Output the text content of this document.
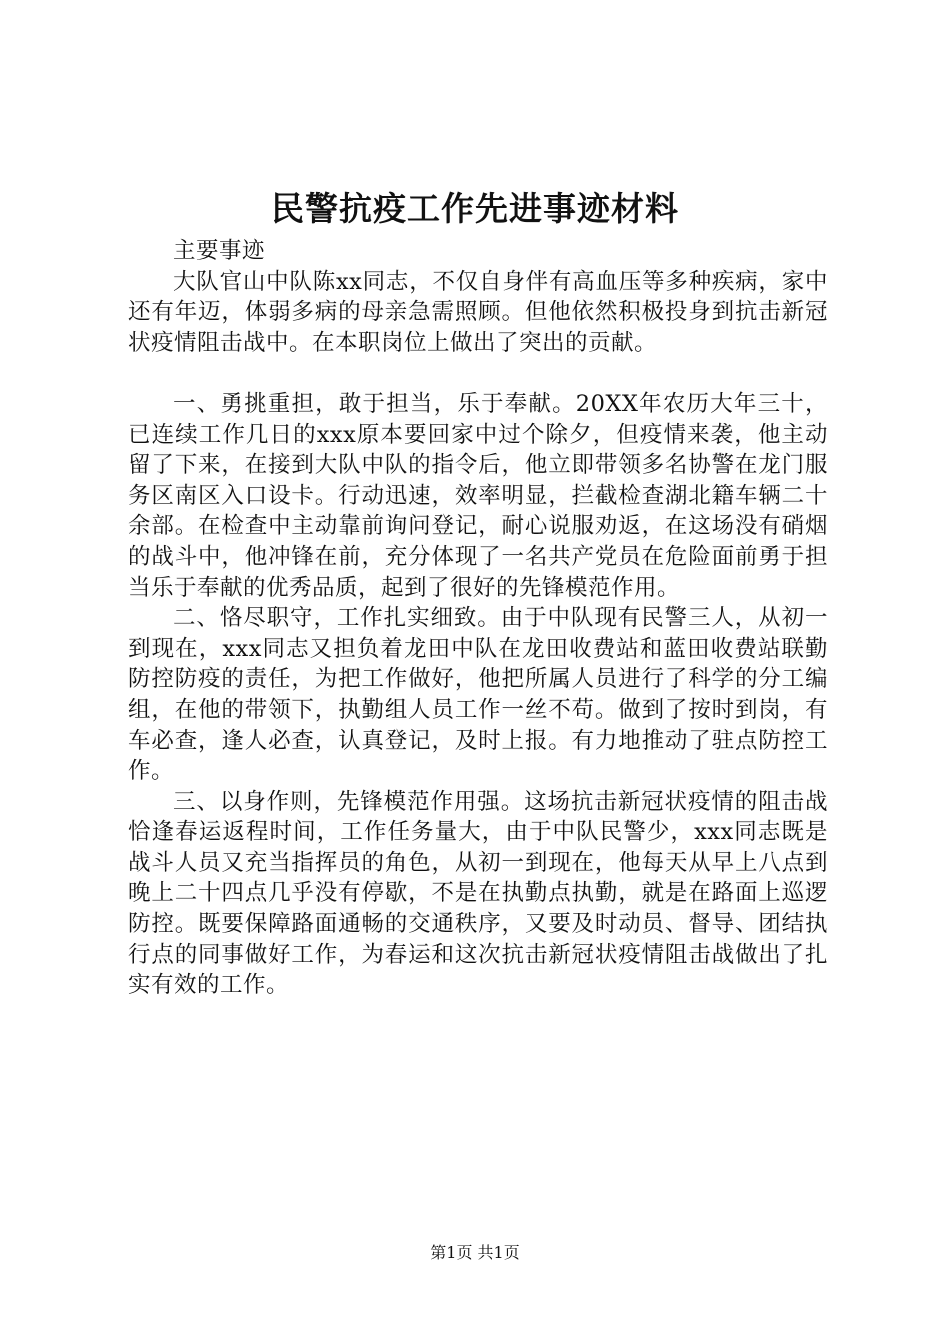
民警抗疫工作先进事迹材料

主要事迹

大队官山中队陈xx同志，不仅自身伴有高血压等多种疾病，家中还有年迈，体弱多病的母亲急需照顾。但他依然积极投身到抗击新冠状疫情阻击战中。在本职岗位上做出了突出的贡献。

一、勇挑重担，敢于担当，乐于奉献。20XX年农历大年三十，已连续工作几日的xxx原本要回家中过个除夕，但疫情来袭，他主动留了下来，在接到大队中队的指令后，他立即带领多名协警在龙门服务区南区入口设卡。行动迅速，效率明显，拦截检查湖北籍车辆二十余部。在检查中主动靠前询问登记，耐心说服劝返，在这场没有硝烟的战斗中，他冲锋在前，充分体现了一名共产党员在危险面前勇于担当乐于奉献的优秀品质，起到了很好的先锋模范作用。

二、恪尽职守，工作扎实细致。由于中队现有民警三人，从初一到现在，xxx同志又担负着龙田中队在龙田收费站和蓝田收费站联勤防控防疫的责任，为把工作做好，他把所属人员进行了科学的分工编组，在他的带领下，执勤组人员工作一丝不苟。做到了按时到岗，有车必查，逢人必查，认真登记，及时上报。有力地推动了驻点防控工作。

三、以身作则，先锋模范作用强。这场抗击新冠状疫情的阻击战恰逢春运返程时间，工作任务量大，由于中队民警少，xxx同志既是战斗人员又充当指挥员的角色，从初一到现在，他每天从早上八点到晚上二十四点几乎没有停歇，不是在执勤点执勤，就是在路面上巡逻防控。既要保障路面通畅的交通秩序，又要及时动员、督导、团结执行点的同事做好工作，为春运和这次抗击新冠状疫情阻击战做出了扎实有效的工作。

第1页 共1页
